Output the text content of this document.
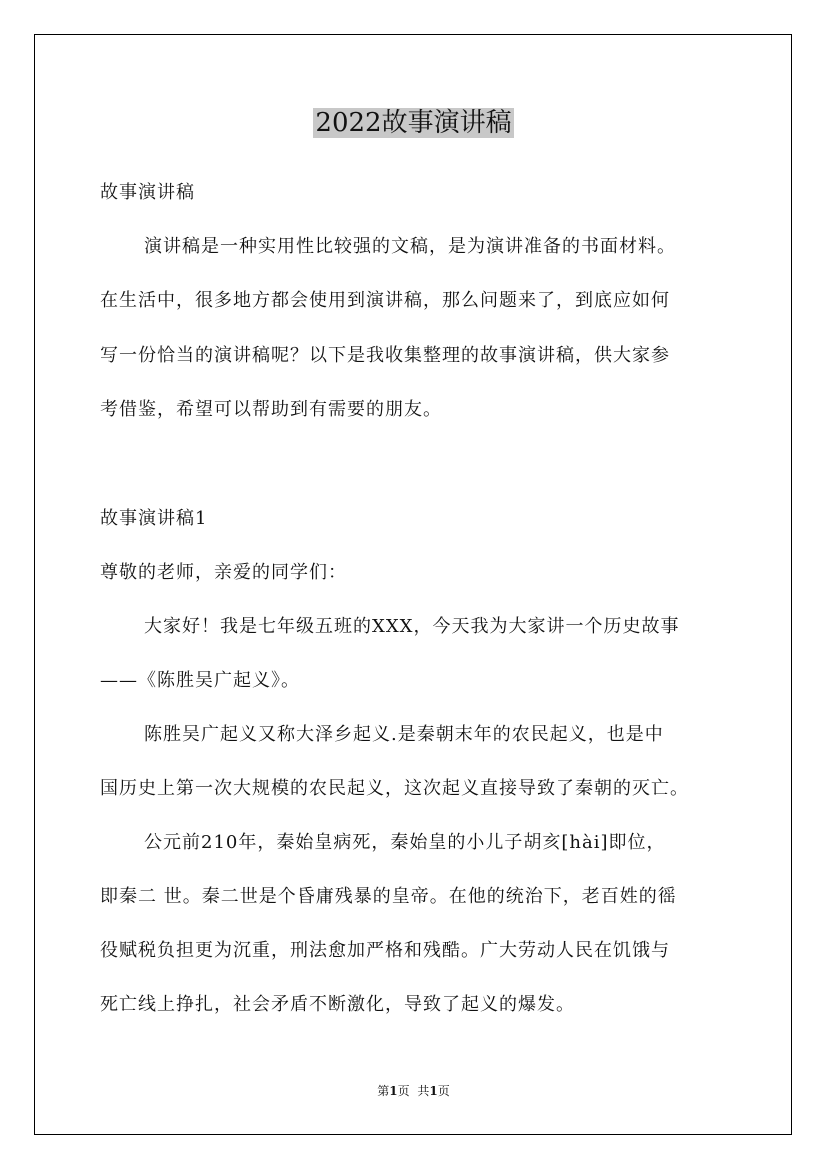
2022故事演讲稿
故事演讲稿
演讲稿是一种实用性比较强的文稿，是为演讲准备的书面材料。
在生活中，很多地方都会使用到演讲稿，那么问题来了，到底应如何
写一份恰当的演讲稿呢？以下是我收集整理的故事演讲稿，供大家参
考借鉴，希望可以帮助到有需要的朋友。
故事演讲稿1
尊敬的老师，亲爱的同学们：
大家好！我是七年级五班的XXX，今天我为大家讲一个历史故事
——《陈胜吴广起义》。
陈胜吴广起义又称大泽乡起义.是秦朝末年的农民起义，也是中
国历史上第一次大规模的农民起义，这次起义直接导致了秦朝的灭亡。
公元前210年，秦始皇病死，秦始皇的小儿子胡亥[hài]即位，
即秦二 世。秦二世是个昏庸残暴的皇帝。在他的统治下，老百姓的徭
役赋税负担更为沉重，刑法愈加严格和残酷。广大劳动人民在饥饿与
死亡线上挣扎，社会矛盾不断激化，导致了起义的爆发。
第1页 共1页
